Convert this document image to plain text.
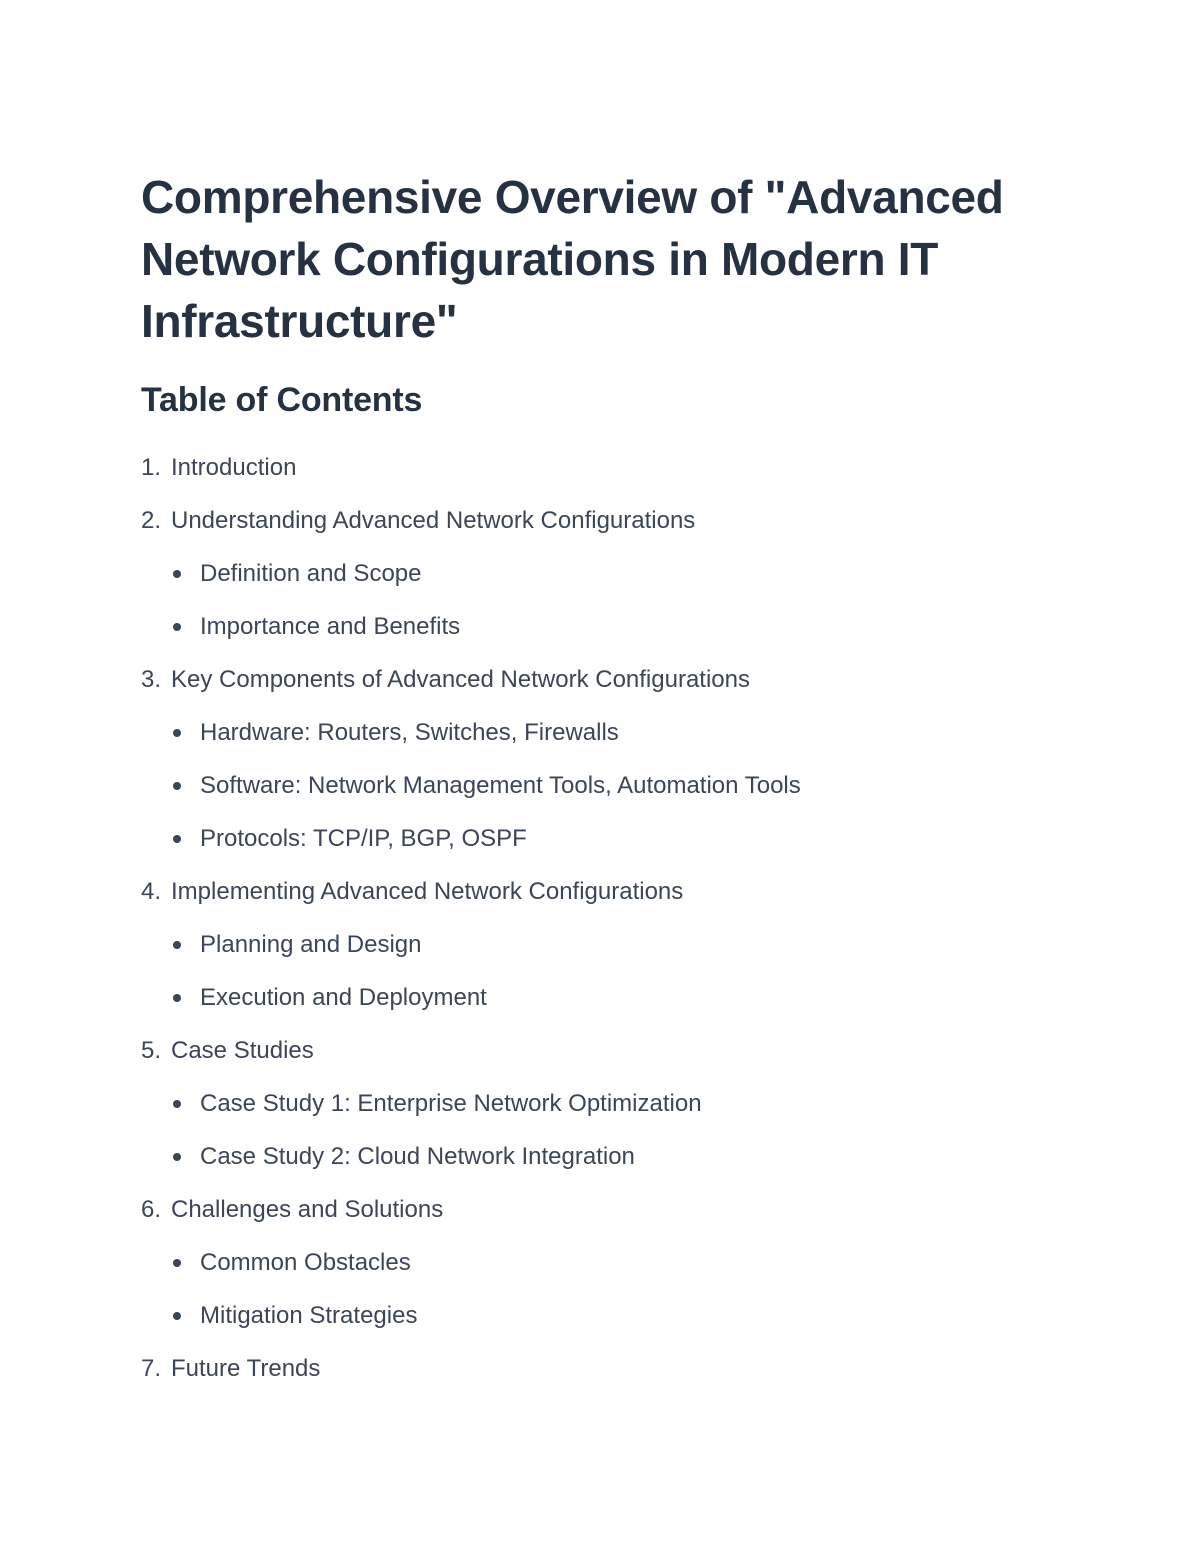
Comprehensive Overview of "Advanced Network Configurations in Modern IT Infrastructure"
Table of Contents
1. Introduction
2. Understanding Advanced Network Configurations
Definition and Scope
Importance and Benefits
3. Key Components of Advanced Network Configurations
Hardware: Routers, Switches, Firewalls
Software: Network Management Tools, Automation Tools
Protocols: TCP/IP, BGP, OSPF
4. Implementing Advanced Network Configurations
Planning and Design
Execution and Deployment
5. Case Studies
Case Study 1: Enterprise Network Optimization
Case Study 2: Cloud Network Integration
6. Challenges and Solutions
Common Obstacles
Mitigation Strategies
7. Future Trends
